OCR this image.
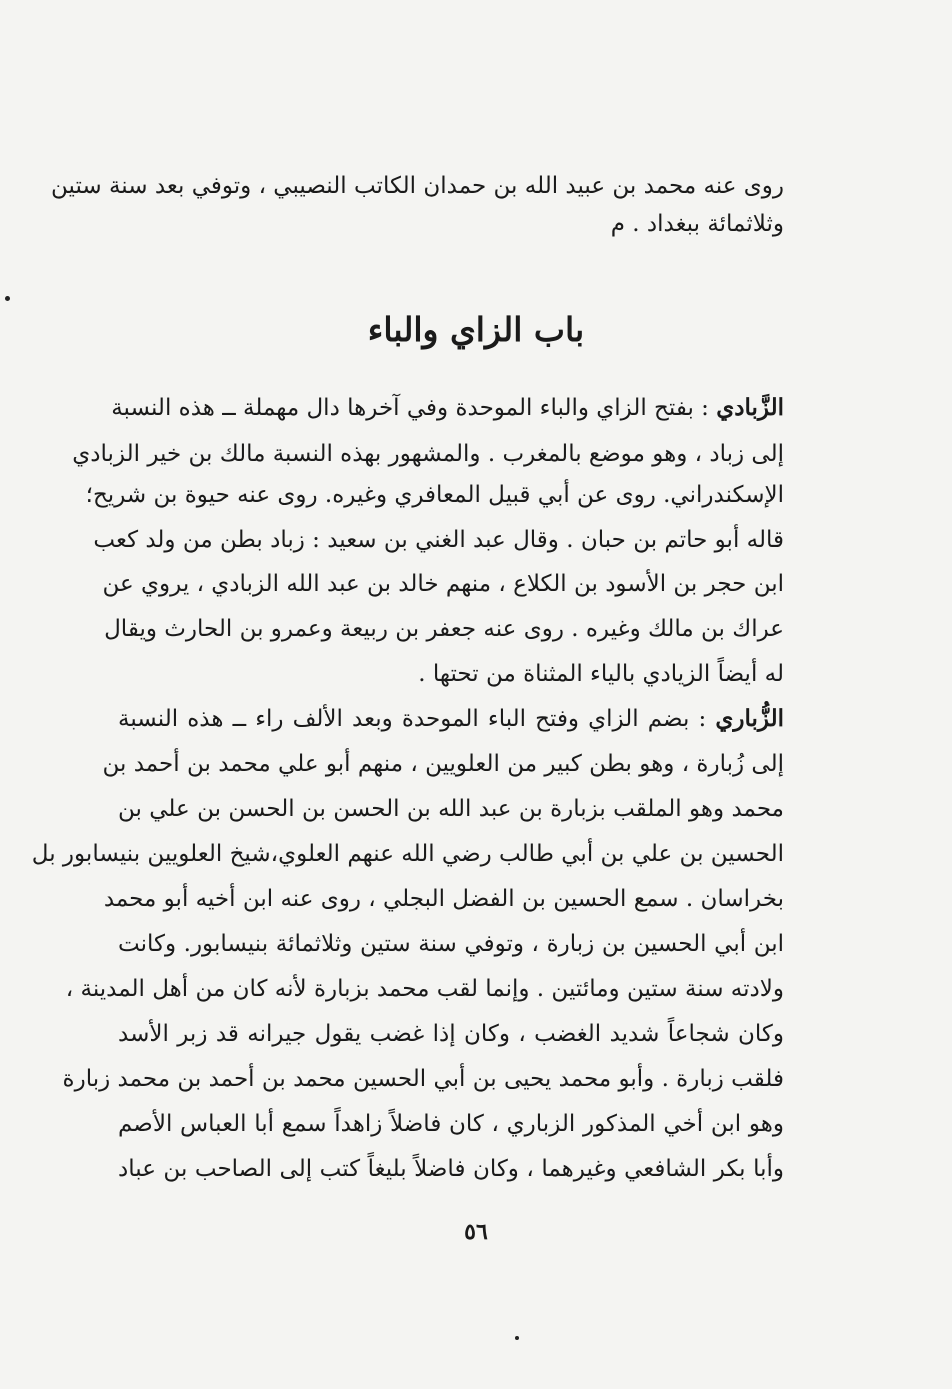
روى عنه محمد بن عبيد الله بن حمدان الكاتب النصيبي ، وتوفي بعد سنة ستين
وثلاثمائة ببغداد . م
باب الزاي والباء
الزَّبادي : بفتح الزاي والباء الموحدة وفي آخرها دال مهملة ــ هذه النسبة
إلى زباد ، وهو موضع بالمغرب . والمشهور بهذه النسبة مالك بن خير الزبادي
الإسكندراني. روى عن أبي قبيل المعافري وغيره. روى عنه حيوة بن شريح؛
قاله أبو حاتم بن حبان . وقال عبد الغني بن سعيد : زباد بطن من ولد كعب
ابن حجر بن الأسود بن الكلاع ، منهم خالد بن عبد الله الزبادي ، يروي عن
عراك بن مالك وغيره . روى عنه جعفر بن ربيعة وعمرو بن الحارث ويقال
له أيضاً الزيادي بالياء المثناة من تحتها .
الزُّباري : بضم الزاي وفتح الباء الموحدة وبعد الألف راء ــ هذه النسبة
إلى زُبارة ، وهو بطن كبير من العلويين ، منهم أبو علي محمد بن أحمد بن
محمد وهو الملقب بزبارة بن عبد الله بن الحسن بن الحسن بن علي بن
الحسين بن علي بن أبي طالب رضي الله عنهم العلوي،شيخ العلويين بنيسابور بل
بخراسان . سمع الحسين بن الفضل البجلي ، روى عنه ابن أخيه أبو محمد
ابن أبي الحسين بن زبارة ، وتوفي سنة ستين وثلاثمائة بنيسابور. وكانت
ولادته سنة ستين ومائتين . وإنما لقب محمد بزبارة لأنه كان من أهل المدينة ،
وكان شجاعاً شديد الغضب ، وكان إذا غضب يقول جيرانه قد زبر الأسد
فلقب زبارة . وأبو محمد يحيى بن أبي الحسين محمد بن أحمد بن محمد زبارة
وهو ابن أخي المذكور الزباري ، كان فاضلاً زاهداً سمع أبا العباس الأصم
وأبا بكر الشافعي وغيرهما ، وكان فاضلاً بليغاً كتب إلى الصاحب بن عباد
٥٦
